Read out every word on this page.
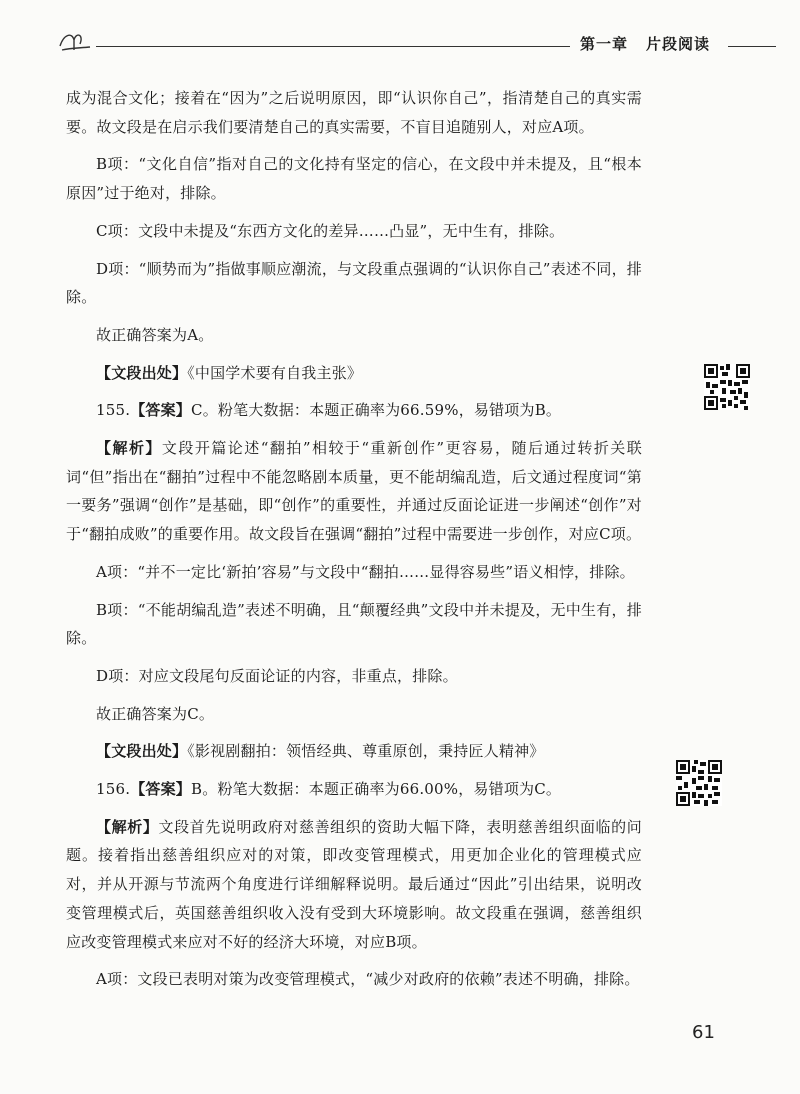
第一章 片段阅读

成为混合文化；接着在“因为”之后说明原因，即“认识你自己”，指清楚自己的真实需要。故文段是在启示我们要清楚自己的真实需要，不盲目追随别人，对应A项。

B项：“文化自信”指对自己的文化持有坚定的信心，在文段中并未提及，且“根本原因”过于绝对，排除。

C项：文段中未提及“东西方文化的差异……凸显”，无中生有，排除。

D项：“顺势而为”指做事顺应潮流，与文段重点强调的“认识你自己”表述不同，排除。

故正确答案为A。

【文段出处】《中国学术要有自我主张》

155.【答案】C。粉笔大数据：本题正确率为66.59%，易错项为B。

【解析】文段开篇论述“翻拍”相较于“重新创作”更容易，随后通过转折关联词“但”指出在“翻拍”过程中不能忽略剧本质量，更不能胡编乱造，后文通过程度词“第一要务”强调“创作”是基础，即“创作”的重要性，并通过反面论证进一步阐述“创作”对于“翻拍成败”的重要作用。故文段旨在强调“翻拍”过程中需要进一步创作，对应C项。

A项：“并不一定比‘新拍’容易”与文段中“翻拍……显得容易些”语义相悖，排除。

B项：“不能胡编乱造”表述不明确，且“颠覆经典”文段中并未提及，无中生有，排除。

D项：对应文段尾句反面论证的内容，非重点，排除。

故正确答案为C。

【文段出处】《影视剧翻拍：领悟经典、尊重原创，秉持匠人精神》

156.【答案】B。粉笔大数据：本题正确率为66.00%，易错项为C。

【解析】文段首先说明政府对慈善组织的资助大幅下降，表明慈善组织面临的问题。接着指出慈善组织应对的对策，即改变管理模式，用更加企业化的管理模式应对，并从开源与节流两个角度进行详细解释说明。最后通过“因此”引出结果，说明改变管理模式后，英国慈善组织收入没有受到大环境影响。故文段重在强调，慈善组织应改变管理模式来应对不好的经济大环境，对应B项。

A项：文段已表明对策为改变管理模式，“减少对政府的依赖”表述不明确，排除。

61
